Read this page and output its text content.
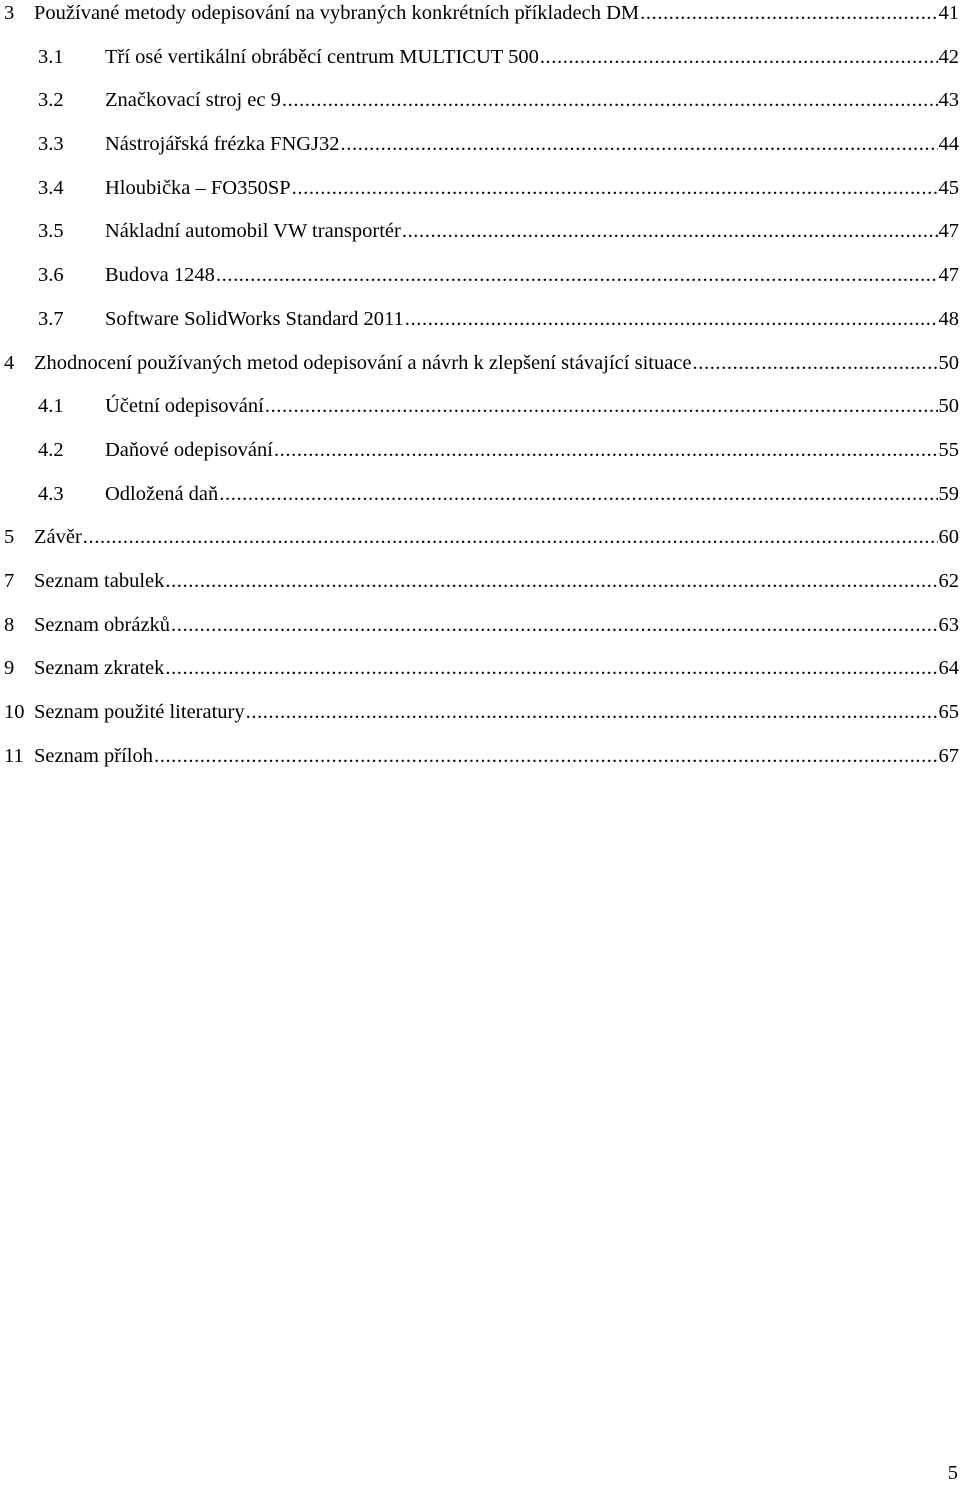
3 Používané metody odepisování na vybraných konkrétních příkladech DM .....	41
3.1	Tří osé vertikální obráběcí centrum MULTICUT 500 .....	42
3.2	Značkovací stroj ec 9 .....	43
3.3	Nástrojářská frézka FNGJ32 .....	44
3.4	Hloubička – FO350SP .....	45
3.5	Nákladní automobil VW transportér .....	47
3.6	Budova 1248 .....	47
3.7	Software SolidWorks Standard 2011 .....	48
4 Zhodnocení používaných metod odepisování a návrh k zlepšení stávající situace .....	50
4.1	Účetní odepisování .....	50
4.2	Daňové odepisování .....	55
4.3	Odložená daň .....	59
5 Závěr .....	60
7 Seznam tabulek .....	62
8 Seznam obrázků .....	63
9 Seznam zkratek .....	64
10 Seznam použité literatury .....	65
11 Seznam příloh .....	67
5
